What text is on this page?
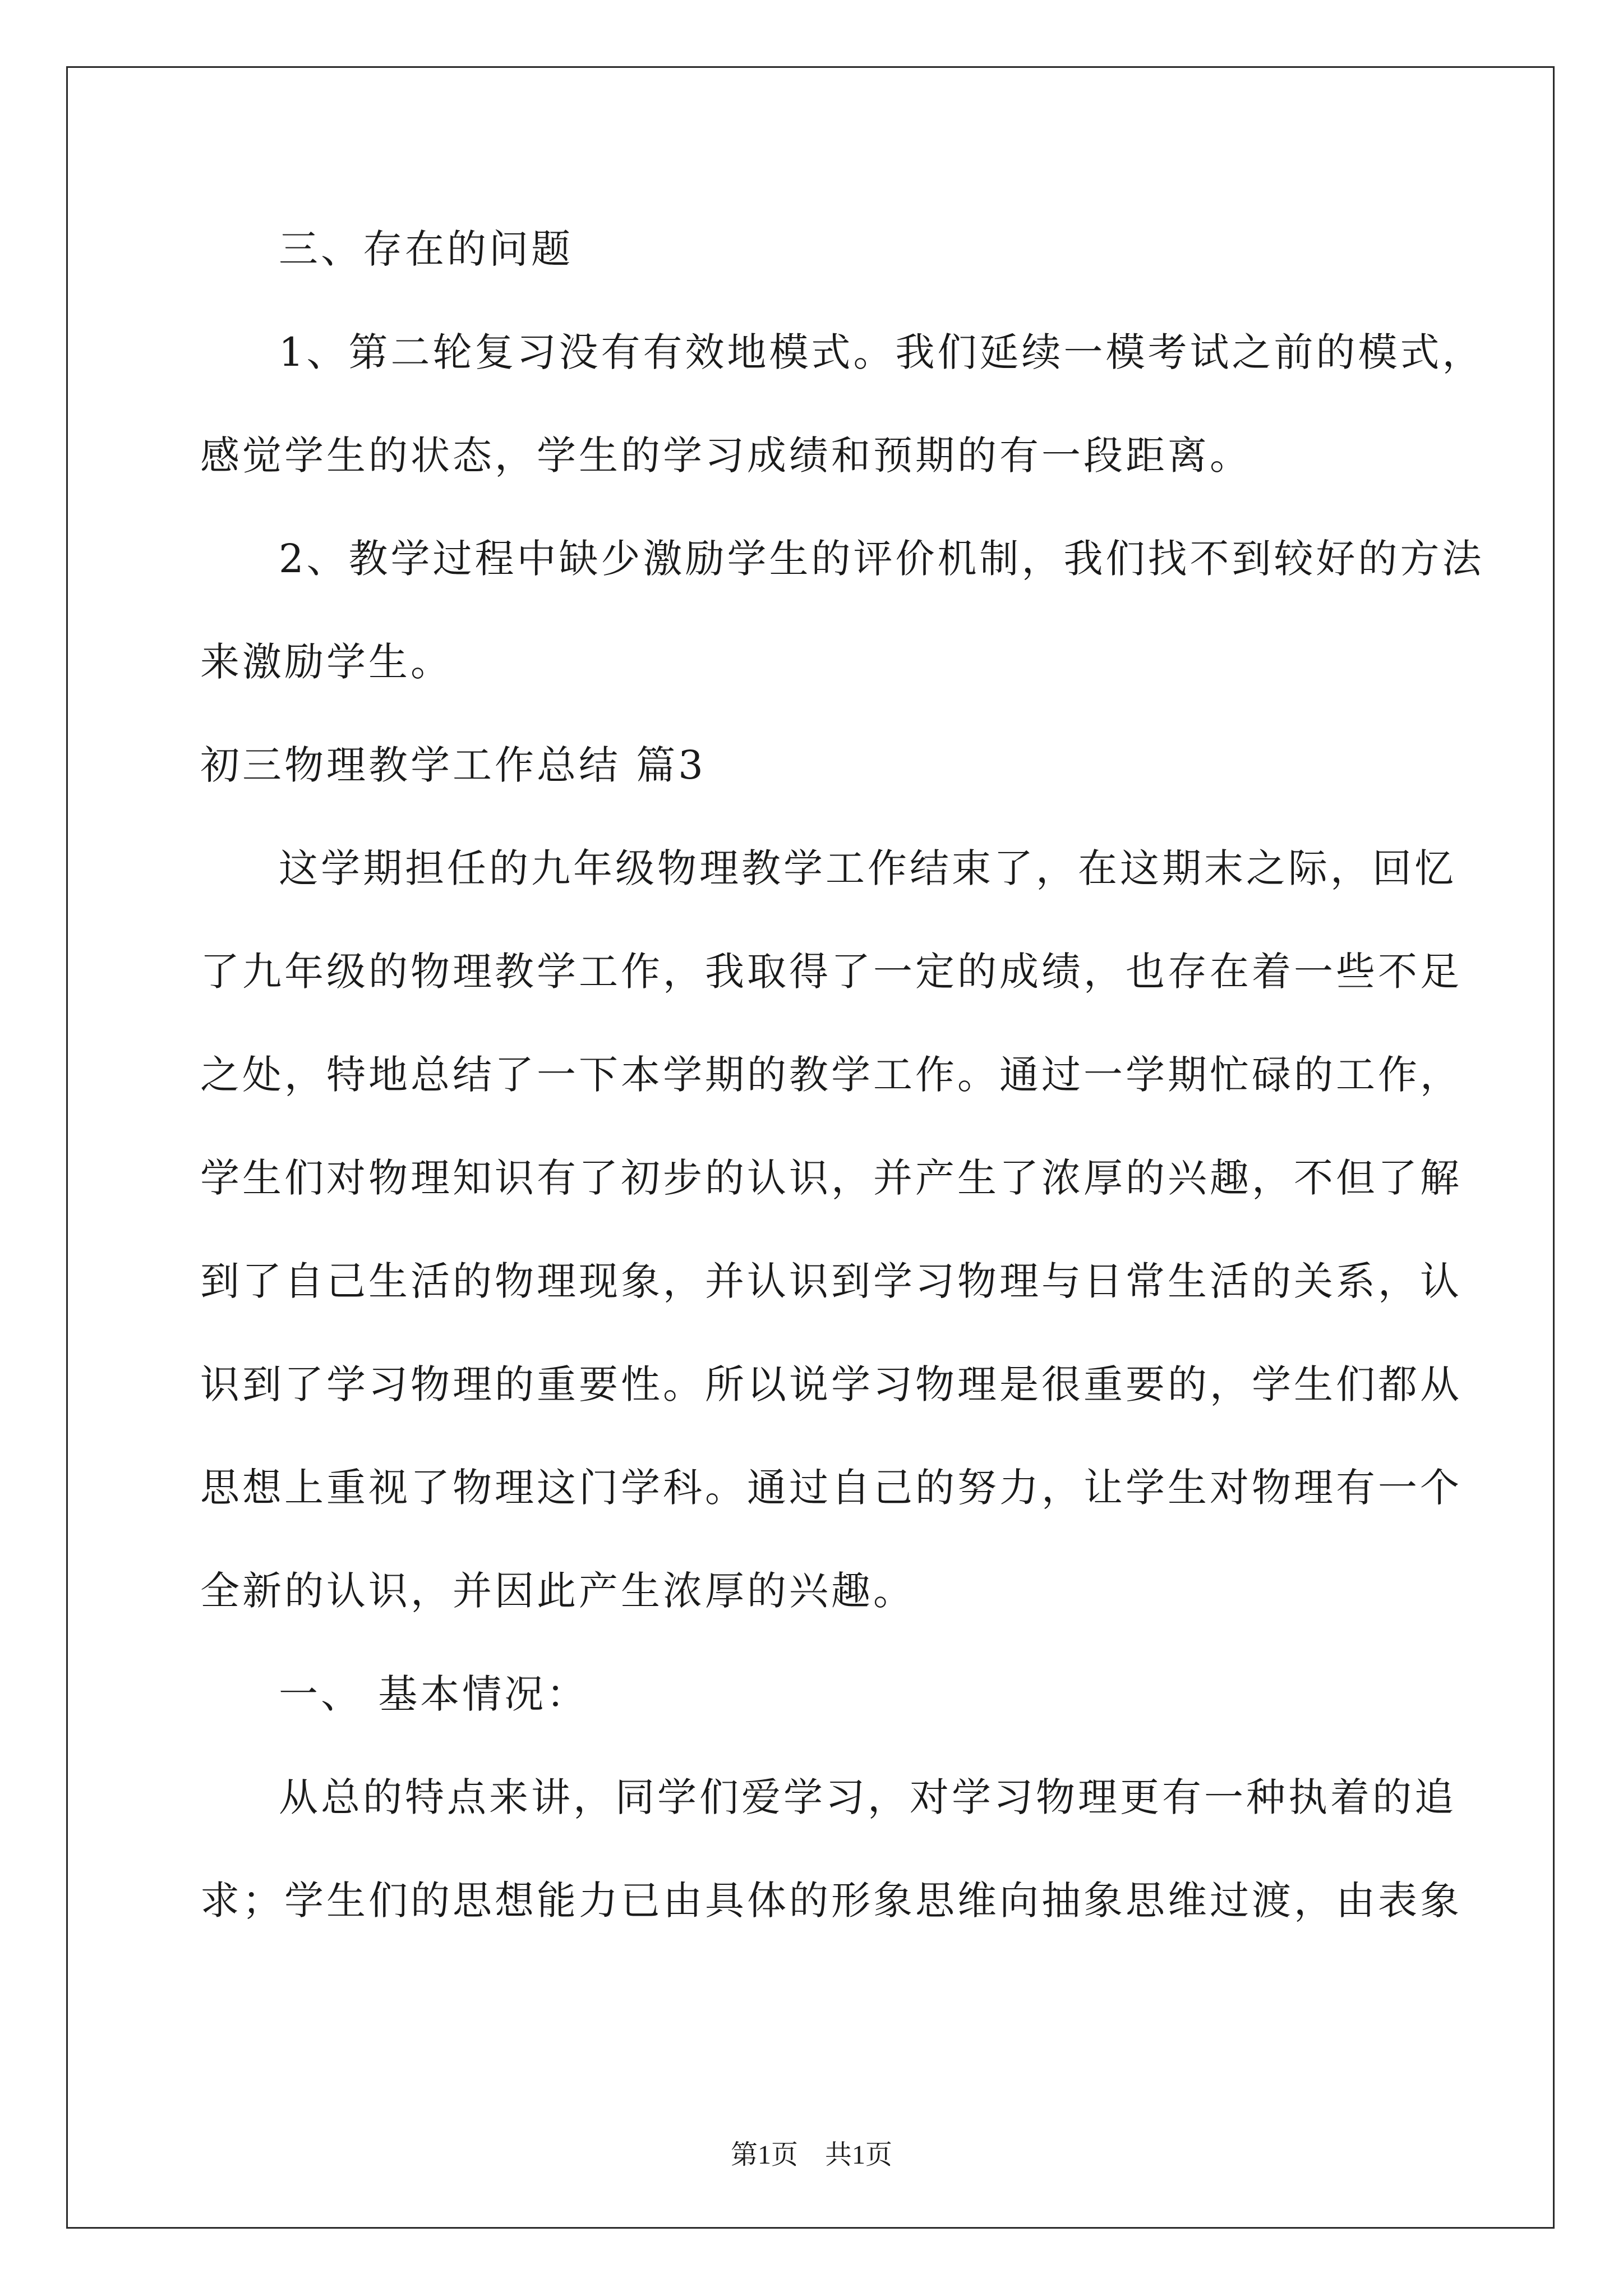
三、存在的问题
1、第二轮复习没有有效地模式。我们延续一模考试之前的模式，
感觉学生的状态，学生的学习成绩和预期的有一段距离。
2、教学过程中缺少激励学生的评价机制，我们找不到较好的方法
来激励学生。
初三物理教学工作总结 篇3
这学期担任的九年级物理教学工作结束了，在这期末之际，回忆
了九年级的物理教学工作，我取得了一定的成绩，也存在着一些不足
之处，特地总结了一下本学期的教学工作。通过一学期忙碌的工作，
学生们对物理知识有了初步的认识，并产生了浓厚的兴趣，不但了解
到了自己生活的物理现象，并认识到学习物理与日常生活的关系，认
识到了学习物理的重要性。所以说学习物理是很重要的，学生们都从
思想上重视了物理这门学科。通过自己的努力，让学生对物理有一个
全新的认识，并因此产生浓厚的兴趣。
一、 基本情况：
从总的特点来讲，同学们爱学习，对学习物理更有一种执着的追
求；学生们的思想能力已由具体的形象思维向抽象思维过渡，由表象
第1页　共1页
